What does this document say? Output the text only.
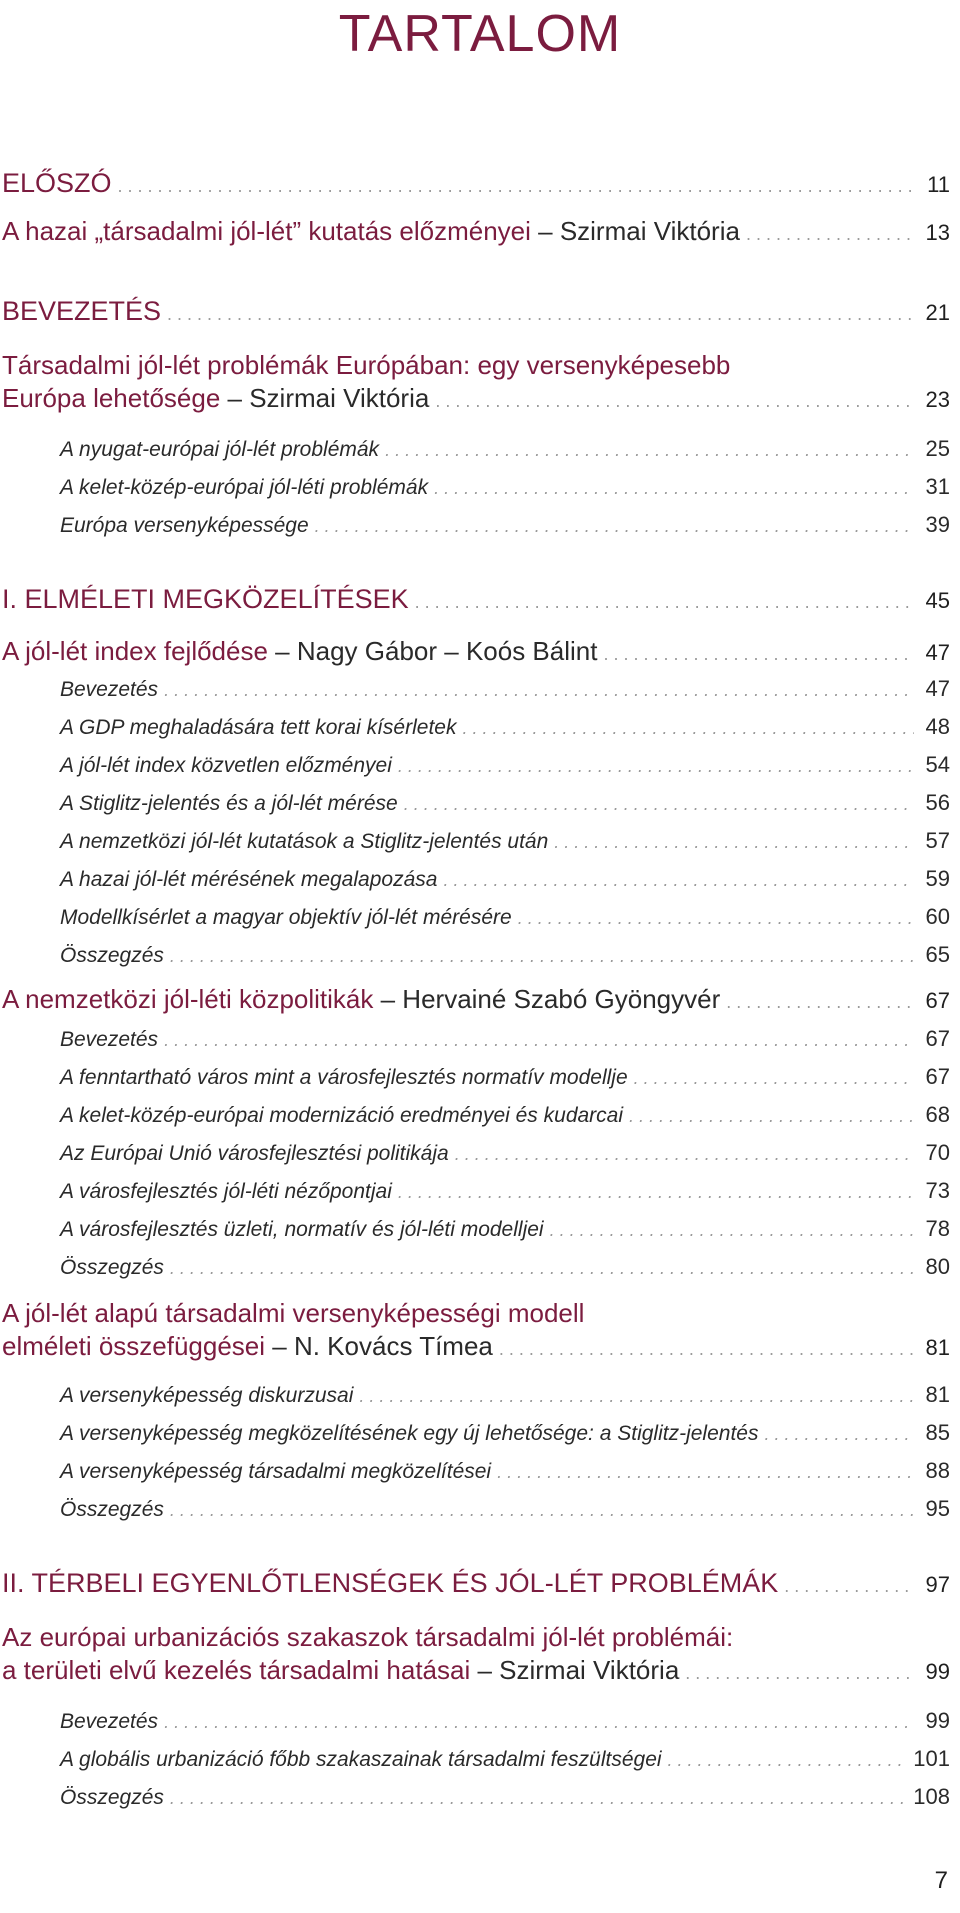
TARTALOM
ELŐSZÓ . . .	11
A hazai „társadalmi jól-lét” kutatás előzményei – Szirmai Viktória . . .	13
BEVEZETÉS . . .	21
Társadalmi jól-lét problémák Európában: egy versenyképesebb
Európa lehetősége – Szirmai Viktória . . .	23
A nyugat-európai jól-lét problémák . . .	25
A kelet-közép-európai jól-léti problémák . . .	31
Európa versenyképessége . . .	39
I. ELMÉLETI MEGKÖZELÍTÉSEK . . .	45
A jól-lét index fejlődése – Nagy Gábor – Koós Bálint . . .	47
Bevezetés . . .	47
A GDP meghaladására tett korai kísérletek . . .	48
A jól-lét index közvetlen előzményei . . .	54
A Stiglitz-jelentés és a jól-lét mérése . . .	56
A nemzetközi jól-lét kutatások a Stiglitz-jelentés után . . .	57
A hazai jól-lét mérésének megalapozása . . .	59
Modellkísérlet a magyar objektív jól-lét mérésére . . .	60
Összegzés . . .	65
A nemzetközi jól-léti közpolitikák – Hervainé Szabó Gyöngyvér . . .	67
Bevezetés . . .	67
A fenntartható város mint a városfejlesztés normatív modellje . . .	67
A kelet-közép-európai modernizáció eredményei és kudarcai . . .	68
Az Európai Unió városfejlesztési politikája . . .	70
A városfejlesztés jól-léti nézőpontjai . . .	73
A városfejlesztés üzleti, normatív és jól-léti modelljei . . .	78
Összegzés . . .	80
A jól-lét alapú társadalmi versenyképességi modell
elméleti összefüggései – N. Kovács Tímea . . .	81
A versenyképesség diskurzusai . . .	81
A versenyképesség megközelítésének egy új lehetősége: a Stiglitz-jelentés . . .	85
A versenyképesség társadalmi megközelítései . . .	88
Összegzés . . .	95
II. TÉRBELI EGYENLŐTLENSÉGEK ÉS JÓL-LÉT PROBLÉMÁK . . .	97
Az európai urbanizációs szakaszok társadalmi jól-lét problémái:
a területi elvű kezelés társadalmi hatásai – Szirmai Viktória . . .	99
Bevezetés . . .	99
A globális urbanizáció főbb szakaszainak társadalmi feszültségei . . .	101
Összegzés . . .	108
7
